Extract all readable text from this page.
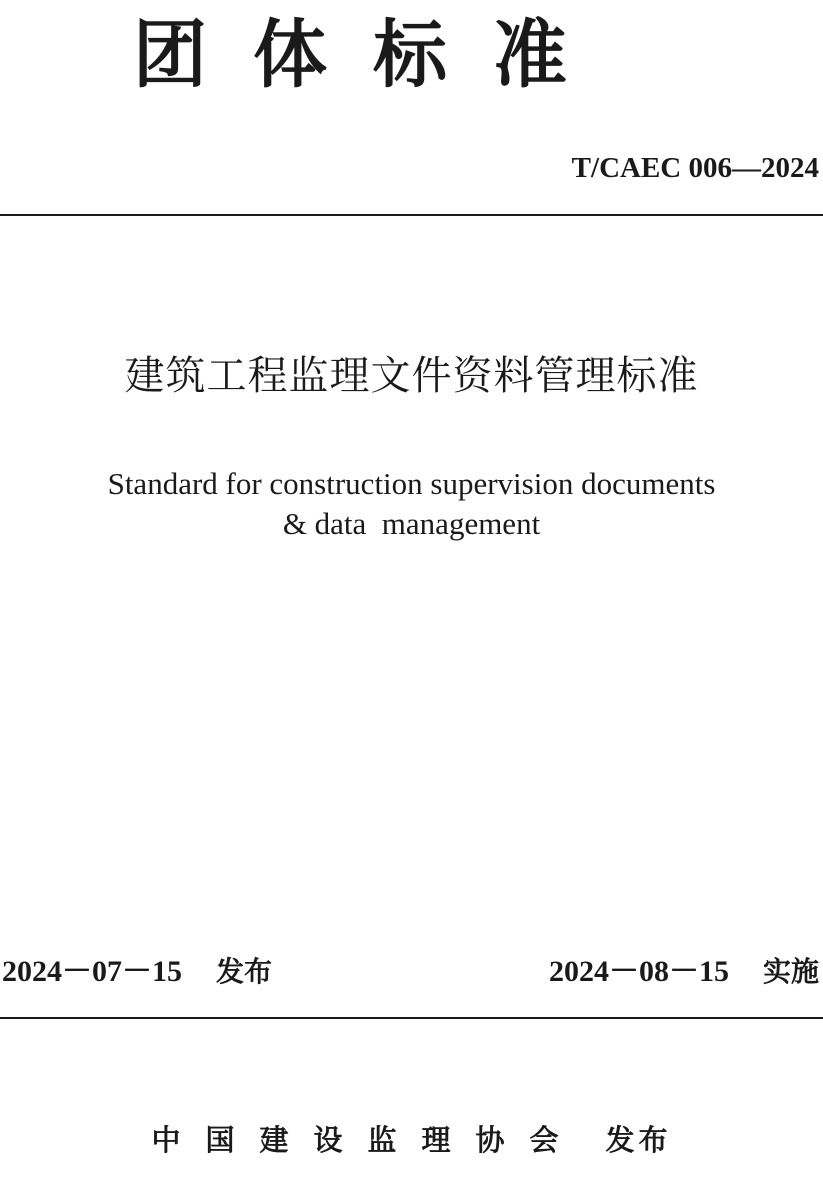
团体标准
T/CAEC 006—2024
建筑工程监理文件资料管理标准
Standard for construction supervision documents
& data  management
2024－07－15 发布	2024－08－15 实施
中国建设监理协会 发布
